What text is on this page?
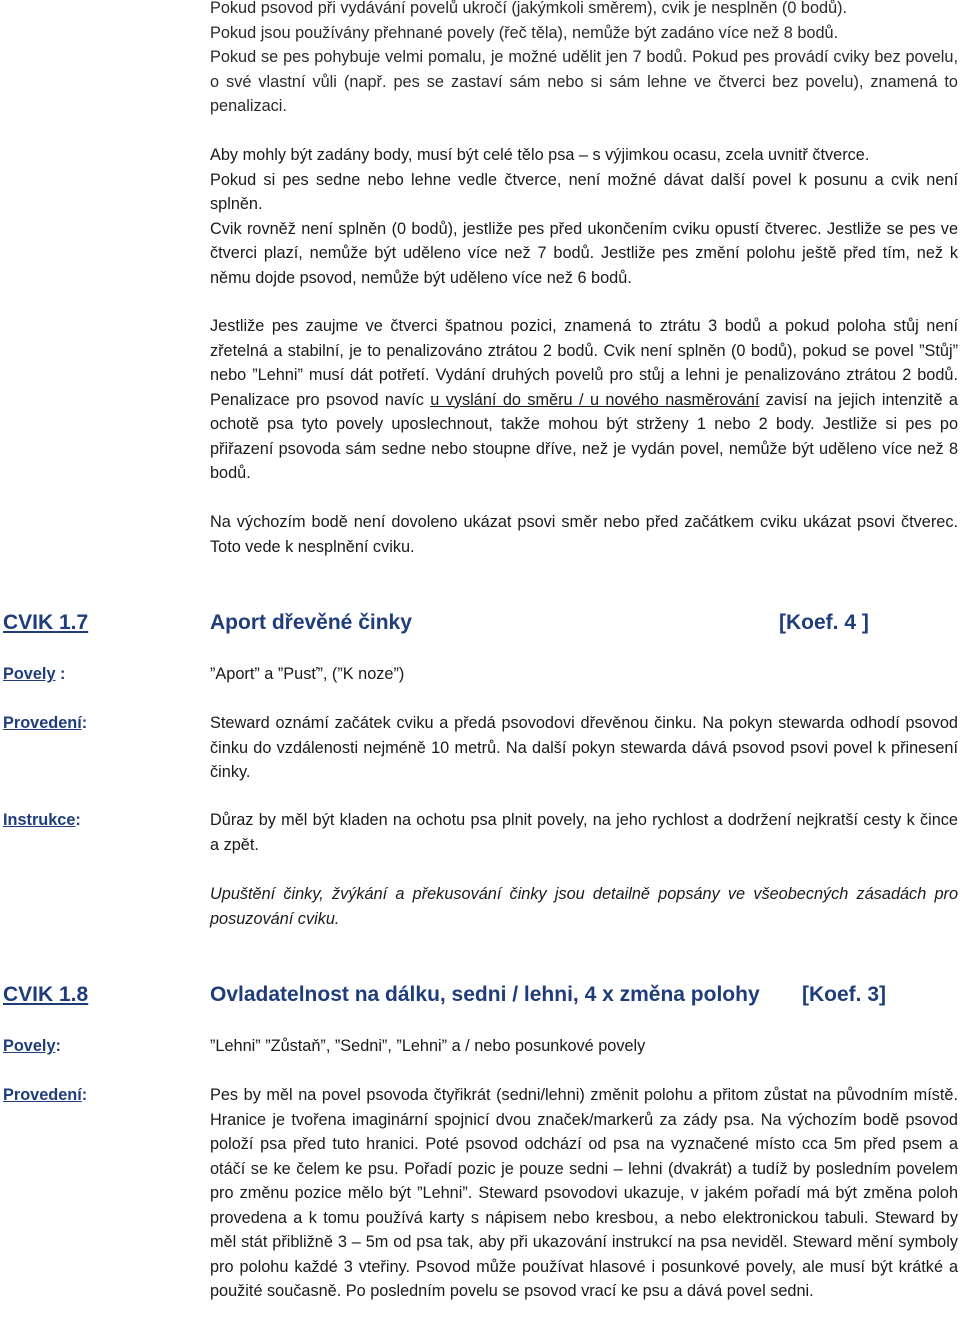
Pokud psovod při vydávání povelů ukročí (jakýmkoli směrem), cvik je nesplněn (0 bodů).
Pokud jsou používány přehnané povely (řeč těla), nemůže být zadáno více než 8 bodů.
Pokud se pes pohybuje velmi pomalu, je možné udělit jen 7 bodů. Pokud pes provádí cviky bez povelu, o své vlastní vůli (např. pes se zastaví sám nebo si sám lehne ve čtverci bez povelu), znamená to penalizaci.
Aby mohly být zadány body, musí být celé tělo psa – s výjimkou ocasu, zcela uvnitř čtverce.
Pokud si pes sedne nebo lehne vedle čtverce, není možné dávat další povel k posunu a cvik není splněn.
Cvik rovněž není splněn (0 bodů), jestliže pes před ukončením cviku opustí čtverec. Jestliže se pes ve čtverci plazí, nemůže být uděleno více než 7 bodů. Jestliže pes změní polohu ještě před tím, než k němu dojde psovod, nemůže být uděleno více než 6 bodů.

Jestliže pes zaujme ve čtverci špatnou pozici, znamená to ztrátu 3 bodů a pokud poloha stůj není zřetelná a stabilní, je to penalizováno ztrátou 2 bodů. Cvik není splněn (0 bodů), pokud se povel ”Stůj” nebo ”Lehni” musí dát potřetí. Vydání druhých povelů pro stůj a lehni je penalizováno ztrátou 2 bodů. Penalizace pro psovod navíc u vyslání do směru / u nového nasměrování zavisí na jejich intenzitě a ochotě psa tyto povely uposlechnout, takže mohou být strženy 1 nebo 2 body. Jestliže si pes po přiřazení psovoda sám sedne nebo stoupne dříve, než je vydán povel, nemůže být uděleno více než 8 bodů.

Na výchozím bodě není dovoleno ukázat psovi směr nebo před začátkem cviku ukázat psovi čtverec. Toto vede k nesplnění cviku.

CVIK 1.7	Aport dřevěné činky	[Koef. 4 ]
Povely :	”Aport” a ”Pusť”, (”K noze”)
Provedení:	Steward oznámí začátek cviku a předá psovodovi dřevěnou činku. Na pokyn stewarda odhodí psovod činku do vzdálenosti nejméně 10 metrů. Na další pokyn stewarda dává psovod psovi povel k přinesení činky.
Instrukce:	Důraz by měl být kladen na ochotu psa plnit povely, na jeho rychlost a dodržení nejkratší cesty k čince a zpět.
Upuštění činky, žvýkání a překusování činky jsou detailně popsány ve všeobecných zásadách pro posuzování cviku.
CVIK 1.8	Ovladatelnost na dálku, sedni / lehni, 4 x změna polohy [Koef. 3]
Povely:	”Lehni” ”Zůstaň”, ”Sedni”, ”Lehni” a / nebo posunkové povely
Provedení:	Pes by měl na povel psovoda čtyřikrát (sedni/lehni) změnit polohu a přitom zůstat na původním místě. Hranice je tvořena imaginární spojnicí dvou značek/markerů za zády psa. Na výchozím bodě psovod položí psa před tuto hranici. Poté psovod odchází od psa na vyznačené místo cca 5m před psem a otáčí se ke čelem ke psu. Pořadí pozic je pouze sedni – lehni (dvakrát) a tudíž by posledním povelem pro změnu pozice mělo být ”Lehni”. Steward psovodovi ukazuje, v jakém pořadí má být změna poloh provedena a k tomu používá karty s nápisem nebo kresbou, a nebo elektronickou tabuli. Steward by měl stát přibližně 3 – 5m od psa tak, aby při ukazování instrukcí na psa neviděl. Steward mění symboly pro polohu každé 3 vteřiny. Psovod může používat hlasové i posunkové povely, ale musí být krátké a použité současně. Po posledním povelu se psovod vrací ke psu a dává povel sedni.
